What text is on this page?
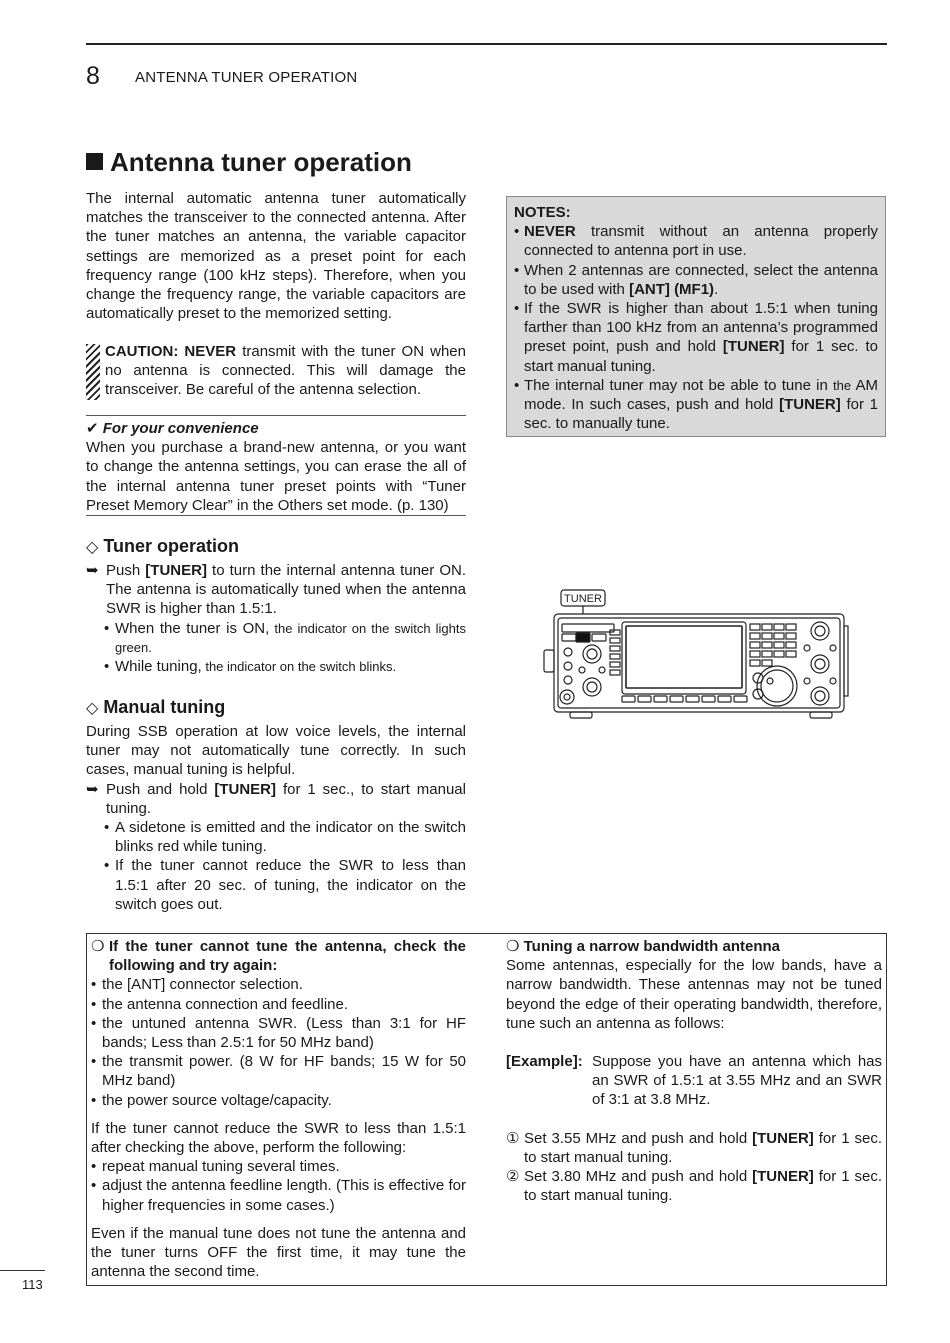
8 ANTENNA TUNER OPERATION
Antenna tuner operation

The internal automatic antenna tuner automatically matches the transceiver to the connected antenna. After the tuner matches an antenna, the variable capacitor settings are memorized as a preset point for each frequency range (100 kHz steps). Therefore, when you change the frequency range, the variable capacitors are automatically preset to the memorized setting.

CAUTION: NEVER transmit with the tuner ON when no antenna is connected. This will damage the transceiver. Be careful of the antenna selection.
✔ For your convenience

When you purchase a brand-new antenna, or you want to change the antenna settings, you can erase the all of the internal antenna tuner preset points with “Tuner Preset Memory Clear” in the Others set mode. (p. 130)

◇ Tuner operation
➥ Push [TUNER] to turn the internal antenna tuner ON. The antenna is automatically tuned when the antenna SWR is higher than 1.5:1.
• When the tuner is ON, the indicator on the switch lights green.
• While tuning, the indicator on the switch blinks.
◇ Manual tuning

During SSB operation at low voice levels, the internal tuner may not automatically tune correctly. In such cases, manual tuning is helpful.

➥ Push and hold [TUNER] for 1 sec., to start manual tuning.
• A sidetone is emitted and the indicator on the switch blinks red while tuning.
• If the tuner cannot reduce the SWR to less than 1.5:1 after 20 sec. of tuning, the indicator on the switch goes out.
NOTES:
• NEVER transmit without an antenna properly connected to antenna port in use.
• When 2 antennas are connected, select the antenna to be used with [ANT] (MF1).
• If the SWR is higher than about 1.5:1 when tuning farther than 100 kHz from an antenna’s programmed preset point, push and hold [TUNER] for 1 sec. to start manual tuning.
• The internal tuner may not be able to tune in the AM mode. In such cases, push and hold [TUNER] for 1 sec. to manually tune.
TUNER
❍ If the tuner cannot tune the antenna, check the following and try again:
• the [ANT] connector selection.
• the antenna connection and feedline.
• the untuned antenna SWR. (Less than 3:1 for HF bands; Less than 2.5:1 for 50 MHz band)
• the transmit power. (8 W for HF bands; 15 W for 50 MHz band)
• the power source voltage/capacity.

If the tuner cannot reduce the SWR to less than 1.5:1 after checking the above, perform the following:

• repeat manual tuning several times.
• adjust the antenna feedline length. (This is effective for higher frequencies in some cases.)

Even if the manual tune does not tune the antenna and the tuner turns OFF the first time, it may tune the antenna the second time.

❍ Tuning a narrow bandwidth antenna

Some antennas, especially for the low bands, have a narrow bandwidth. These antennas may not be tuned beyond the edge of their operating bandwidth, therefore, tune such an antenna as follows:

[Example]: Suppose you have an antenna which has an SWR of 1.5:1 at 3.55 MHz and an SWR of 3:1 at 3.8 MHz.
① Set 3.55 MHz and push and hold [TUNER] for 1 sec. to start manual tuning.
② Set 3.80 MHz and push and hold [TUNER] for 1 sec. to start manual tuning.
113
